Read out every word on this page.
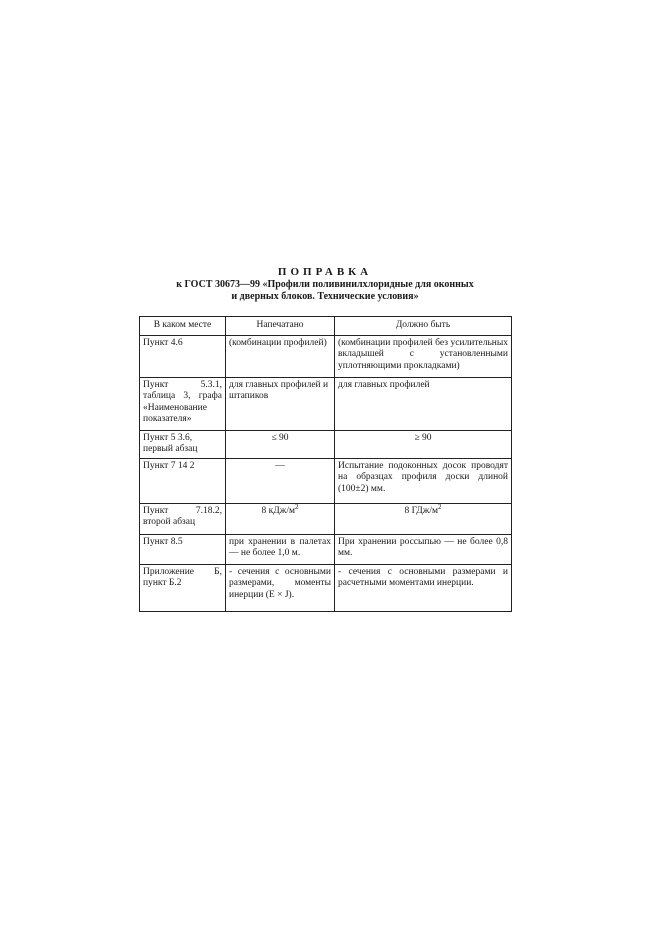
ПОПРАВКА
к ГОСТ 30673—99 «Профили поливинилхлоридные для оконных
и дверных блоков. Технические условия»
В каком месте	Напечатано	Должно быть
Пункт 4.6	(комбинации профилей)	(комбинации профилей без усилительных вкладышей с установленными уплотняющими прокладками)
Пункт 5.3.1, таблица 3, графа «Наименование показателя»	для главных профилей и штапиков	для главных профилей
Пункт 5 3.6, первый абзац	≤ 90	≥ 90
Пункт 7 14 2	—	Испытание подоконных досок проводят на образцах профиля доски длиной (100±2) мм.
Пункт 7.18.2, второй абзац	8 кДж/$м^2$	8 ГДж/$м^2$
Пункт 8.5	при хранении в палетах — не более 1,0 м.	При хранении россыпью — не более 0,8 мм.
Приложение Б, пункт Б.2	- сечения с основными размерами, моменты инерции (E × J).	- сечения с основными размерами и расчетными моментами инерции.
